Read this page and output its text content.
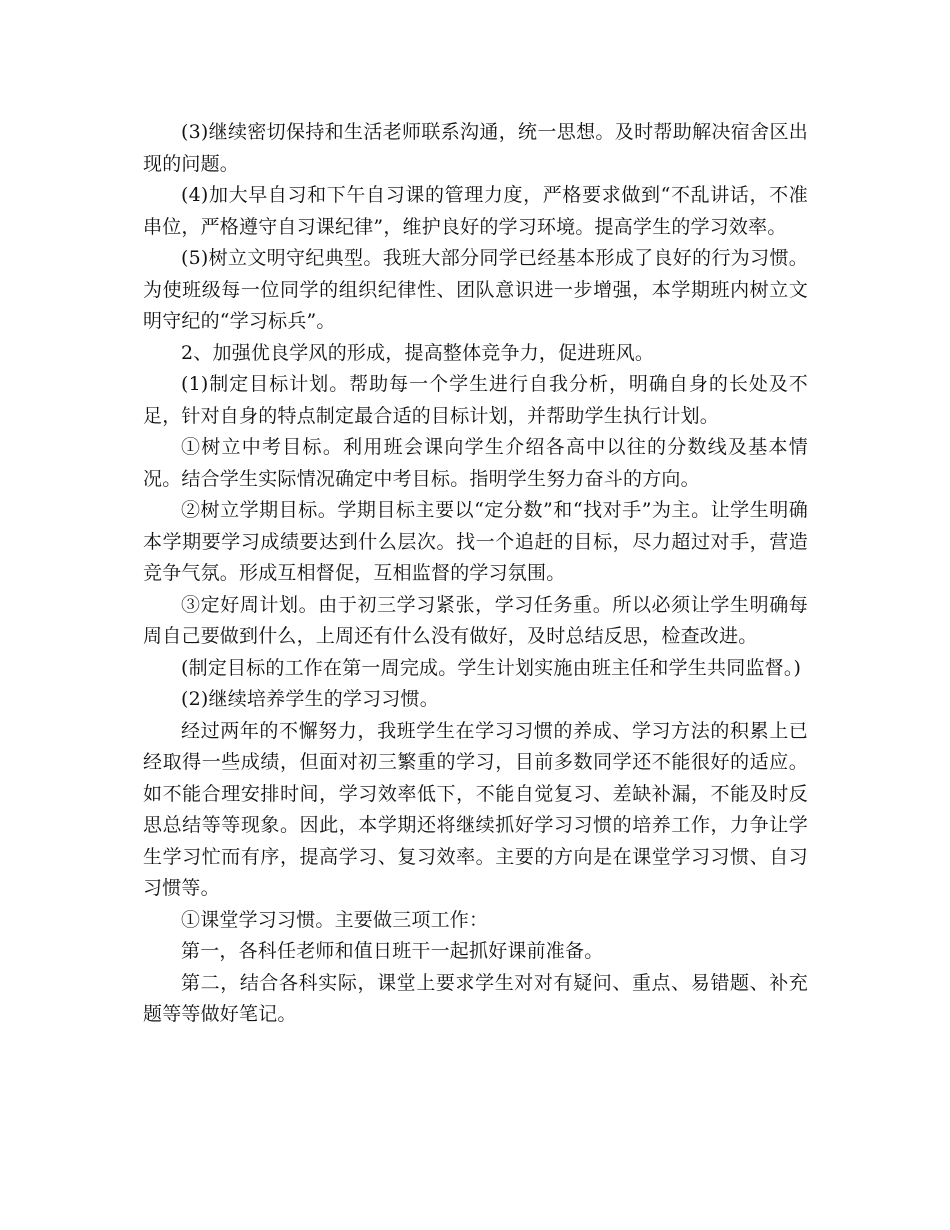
(3)继续密切保持和生活老师联系沟通，统一思想。及时帮助解决宿舍区出现的问题。

(4)加大早自习和下午自习课的管理力度，严格要求做到“不乱讲话，不准串位，严格遵守自习课纪律”，维护良好的学习环境。提高学生的学习效率。

(5)树立文明守纪典型。我班大部分同学已经基本形成了良好的行为习惯。为使班级每一位同学的组织纪律性、团队意识进一步增强，本学期班内树立文明守纪的“学习标兵”。

2、加强优良学风的形成，提高整体竞争力，促进班风。

(1)制定目标计划。帮助每一个学生进行自我分析，明确自身的长处及不足，针对自身的特点制定最合适的目标计划，并帮助学生执行计划。

①树立中考目标。利用班会课向学生介绍各高中以往的分数线及基本情况。结合学生实际情况确定中考目标。指明学生努力奋斗的方向。

②树立学期目标。学期目标主要以“定分数”和“找对手”为主。让学生明确本学期要学习成绩要达到什么层次。找一个追赶的目标，尽力超过对手，营造竞争气氛。形成互相督促，互相监督的学习氛围。

③定好周计划。由于初三学习紧张，学习任务重。所以必须让学生明确每周自己要做到什么，上周还有什么没有做好，及时总结反思，检查改进。

(制定目标的工作在第一周完成。学生计划实施由班主任和学生共同监督。)

(2)继续培养学生的学习习惯。

经过两年的不懈努力，我班学生在学习习惯的养成、学习方法的积累上已经取得一些成绩，但面对初三繁重的学习，目前多数同学还不能很好的适应。如不能合理安排时间，学习效率低下，不能自觉复习、差缺补漏，不能及时反思总结等等现象。因此，本学期还将继续抓好学习习惯的培养工作，力争让学生学习忙而有序，提高学习、复习效率。主要的方向是在课堂学习习惯、自习习惯等。

①课堂学习习惯。主要做三项工作：

第一，各科任老师和值日班干一起抓好课前准备。

第二，结合各科实际，课堂上要求学生对对有疑问、重点、易错题、补充题等等做好笔记。
